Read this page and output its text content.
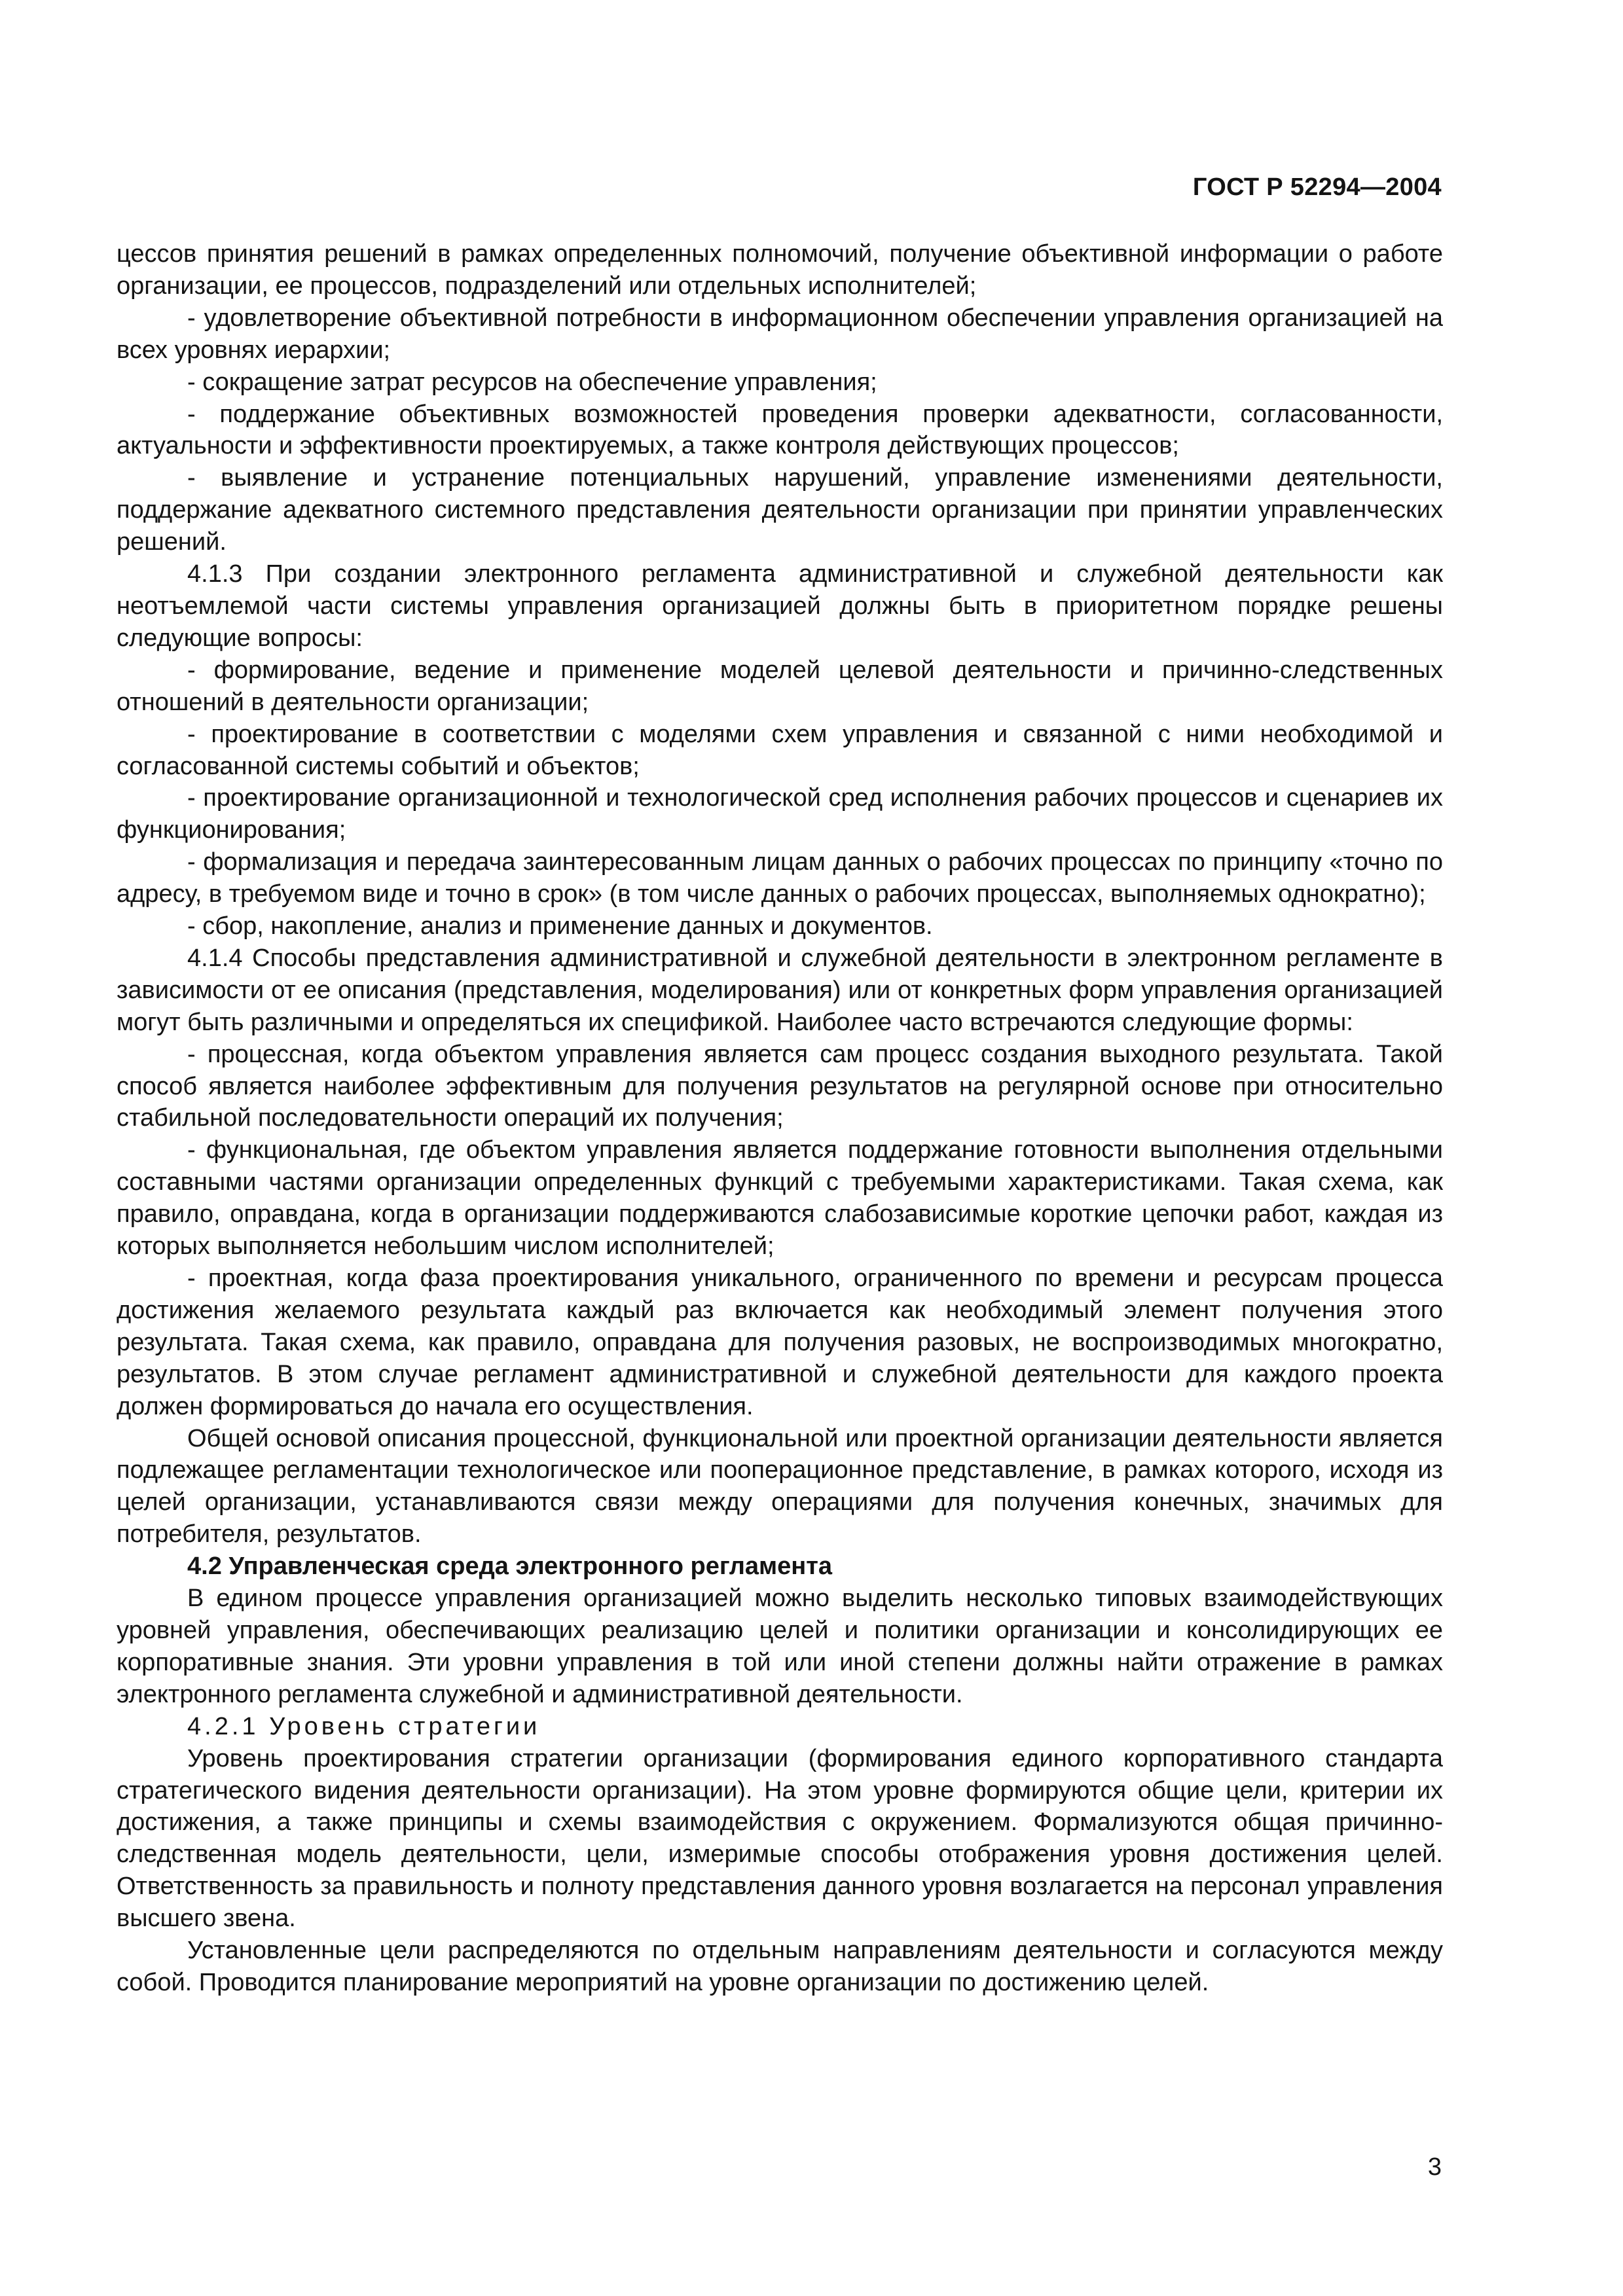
ГОСТ Р 52294—2004

цессов принятия решений в рамках определенных полномочий, получение объективной информации о работе организации, ее процессов, подразделений или отдельных исполнителей;

- удовлетворение объективной потребности в информационном обеспечении управления организацией на всех уровнях иерархии;

- сокращение затрат ресурсов на обеспечение управления;

- поддержание объективных возможностей проведения проверки адекватности, согласованности, актуальности и эффективности проектируемых, а также контроля действующих процессов;

- выявление и устранение потенциальных нарушений, управление изменениями деятельности, поддержание адекватного системного представления деятельности организации при принятии управленческих решений.

4.1.3 При создании электронного регламента административной и служебной деятельности как неотъемлемой части системы управления организацией должны быть в приоритетном порядке решены следующие вопросы:

- формирование, ведение и применение моделей целевой деятельности и причинно-следственных отношений в деятельности организации;

- проектирование в соответствии с моделями схем управления и связанной с ними необходимой и согласованной системы событий и объектов;

- проектирование организационной и технологической сред исполнения рабочих процессов и сценариев их функционирования;

- формализация и передача заинтересованным лицам данных о рабочих процессах по принципу «точно по адресу, в требуемом виде и точно в срок» (в том числе данных о рабочих процессах, выполняемых однократно);

- сбор, накопление, анализ и применение данных и документов.

4.1.4 Способы представления административной и служебной деятельности в электронном регламенте в зависимости от ее описания (представления, моделирования) или от конкретных форм управления организацией могут быть различными и определяться их спецификой. Наиболее часто встречаются следующие формы:

- процессная, когда объектом управления является сам процесс создания выходного результата. Такой способ является наиболее эффективным для получения результатов на регулярной основе при относительно стабильной последовательности операций их получения;

- функциональная, где объектом управления является поддержание готовности выполнения отдельными составными частями организации определенных функций с требуемыми характеристиками. Такая схема, как правило, оправдана, когда в организации поддерживаются слабозависимые короткие цепочки работ, каждая из которых выполняется небольшим числом исполнителей;

- проектная, когда фаза проектирования уникального, ограниченного по времени и ресурсам процесса достижения желаемого результата каждый раз включается как необходимый элемент получения этого результата. Такая схема, как правило, оправдана для получения разовых, не воспроизводимых многократно, результатов. В этом случае регламент административной и служебной деятельности для каждого проекта должен формироваться до начала его осуществления.

Общей основой описания процессной, функциональной или проектной организации деятельности является подлежащее регламентации технологическое или пооперационное представление, в рамках которого, исходя из целей организации, устанавливаются связи между операциями для получения конечных, значимых для потребителя, результатов.

4.2 Управленческая среда электронного регламента

В едином процессе управления организацией можно выделить несколько типовых взаимодействующих уровней управления, обеспечивающих реализацию целей и политики организации и консолидирующих ее корпоративные знания. Эти уровни управления в той или иной степени должны найти отражение в рамках электронного регламента служебной и административной деятельности.

4.2.1 Уровень стратегии

Уровень проектирования стратегии организации (формирования единого корпоративного стандарта стратегического видения деятельности организации). На этом уровне формируются общие цели, критерии их достижения, а также принципы и схемы взаимодействия с окружением. Формализуются общая причинно-следственная модель деятельности, цели, измеримые способы отображения уровня достижения целей. Ответственность за правильность и полноту представления данного уровня возлагается на персонал управления высшего звена.

Установленные цели распределяются по отдельным направлениям деятельности и согласуются между собой. Проводится планирование мероприятий на уровне организации по достижению целей.

3
